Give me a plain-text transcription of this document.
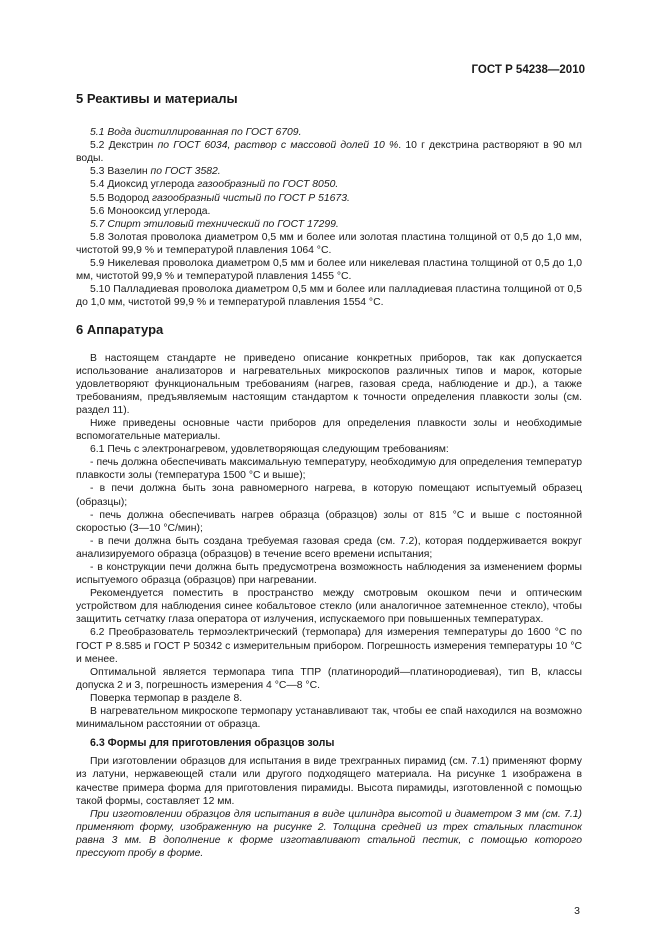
ГОСТ Р 54238—2010

5 Реактивы и материалы

5.1 Вода дистиллированная по ГОСТ 6709.

5.2 Декстрин по ГОСТ 6034, раствор с массовой долей 10 %. 10 г декстрина растворяют в 90 мл воды.

5.3 Вазелин по ГОСТ 3582.

5.4 Диоксид углерода газообразный по ГОСТ 8050.

5.5 Водород газообразный чистый по ГОСТ Р 51673.

5.6 Монооксид углерода.

5.7 Спирт этиловый технический по ГОСТ 17299.

5.8 Золотая проволока диаметром 0,5 мм и более или золотая пластина толщиной от 0,5 до 1,0 мм, чистотой 99,9 % и температурой плавления 1064 °С.

5.9 Никелевая проволока диаметром 0,5 мм и более или никелевая пластина толщиной от 0,5 до 1,0 мм, чистотой 99,9 % и температурой плавления 1455 °С.

5.10 Палладиевая проволока диаметром 0,5 мм и более или палладиевая пластина толщиной от 0,5 до 1,0 мм, чистотой 99,9 % и температурой плавления 1554 °С.

6 Аппаратура

В настоящем стандарте не приведено описание конкретных приборов, так как допускается использование анализаторов и нагревательных микроскопов различных типов и марок, которые удовлетворяют функциональным требованиям (нагрев, газовая среда, наблюдение и др.), а также требованиям, предъявляемым настоящим стандартом к точности определения плавкости золы (см. раздел 11).

Ниже приведены основные части приборов для определения плавкости золы и необходимые вспомогательные материалы.

6.1 Печь с электронагревом, удовлетворяющая следующим требованиям:

- печь должна обеспечивать максимальную температуру, необходимую для определения температур плавкости золы (температура 1500 °С и выше);

- в печи должна быть зона равномерного нагрева, в которую помещают испытуемый образец (образцы);

- печь должна обеспечивать нагрев образца (образцов) золы от 815 °С и выше с постоянной скоростью (3—10 °С/мин);

- в печи должна быть создана требуемая газовая среда (см. 7.2), которая поддерживается вокруг анализируемого образца (образцов) в течение всего времени испытания;

- в конструкции печи должна быть предусмотрена возможность наблюдения за изменением формы испытуемого образца (образцов) при нагревании.

Рекомендуется поместить в пространство между смотровым окошком печи и оптическим устройством для наблюдения синее кобальтовое стекло (или аналогичное затемненное стекло), чтобы защитить сетчатку глаза оператора от излучения, испускаемого при повышенных температурах.

6.2 Преобразователь термоэлектрический (термопара) для измерения температуры до 1600 °С по ГОСТ Р 8.585 и ГОСТ Р 50342 с измерительным прибором. Погрешность измерения температуры 10 °С и менее.

Оптимальной является термопара типа ТПР (платинородий—платинородиевая), тип В, классы допуска 2 и 3, погрешность измерения 4 °С—8 °С.

Поверка термопар в разделе 8.

В нагревательном микроскопе термопару устанавливают так, чтобы ее спай находился на возможно минимальном расстоянии от образца.

6.3 Формы для приготовления образцов золы

При изготовлении образцов для испытания в виде трехгранных пирамид (см. 7.1) применяют форму из латуни, нержавеющей стали или другого подходящего материала. На рисунке 1 изображена в качестве примера форма для приготовления пирамиды. Высота пирамиды, изготовленной с помощью такой формы, составляет 12 мм.

При изготовлении образцов для испытания в виде цилиндра высотой и диаметром 3 мм (см. 7.1) применяют форму, изображенную на рисунке 2. Толщина средней из трех стальных пластинок равна 3 мм. В дополнение к форме изготавливают стальной пестик, с помощью которого прессуют пробу в форме.

3
